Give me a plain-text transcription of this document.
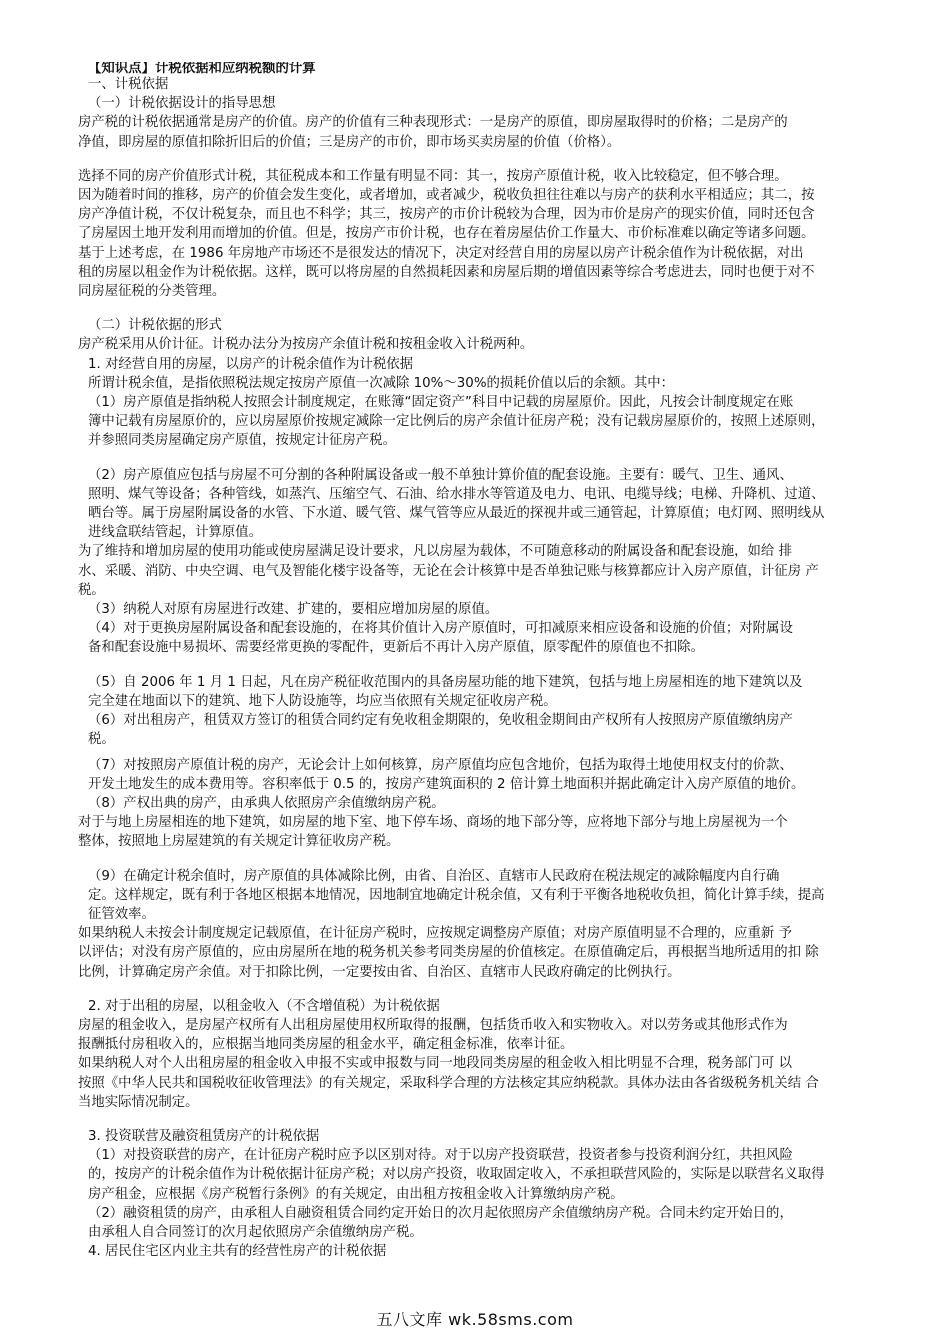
【知识点】计税依据和应纳税额的计算
一、计税依据
（一）计税依据设计的指导思想
房产税的计税依据通常是房产的价值。房产的价值有三种表现形式：一是房产的原值，即房屋取得时的价格；二是房产的
净值，即房屋的原值扣除折旧后的价值；三是房产的市价，即市场买卖房屋的价值（价格）。
选择不同的房产价值形式计税，其征税成本和工作量有明显不同：其一，按房产原值计税，收入比较稳定，但不够合理。
因为随着时间的推移，房产的价值会发生变化，或者增加，或者减少，税收负担往往难以与房产的获利水平相适应；其二，按
房产净值计税，不仅计税复杂，而且也不科学；其三，按房产的市价计税较为合理，因为市价是房产的现实价值，同时还包含
了房屋因土地开发利用而增加的价值。但是，按房产市价计税，也存在着房屋估价工作量大、市价标准难以确定等诸多问题。
基于上述考虑，在 1986 年房地产市场还不是很发达的情况下，决定对经营自用的房屋以房产计税余值作为计税依据，对出
租的房屋以租金作为计税依据。这样，既可以将房屋的自然损耗因素和房屋后期的增值因素等综合考虑进去，同时也便于对不
同房屋征税的分类管理。
（二）计税依据的形式
房产税采用从价计征。计税办法分为按房产余值计税和按租金收入计税两种。
1. 对经营自用的房屋，以房产的计税余值作为计税依据
所谓计税余值，是指依照税法规定按房产原值一次减除 10%～30%的损耗价值以后的余额。其中：
（1）房产原值是指纳税人按照会计制度规定，在账簿“固定资产”科目中记载的房屋原价。因此，凡按会计制度规定在账
簿中记载有房屋原价的，应以房屋原价按规定减除一定比例后的房产余值计征房产税；没有记载房屋原价的，按照上述原则，
并参照同类房屋确定房产原值，按规定计征房产税。
（2）房产原值应包括与房屋不可分割的各种附属设备或一般不单独计算价值的配套设施。主要有：暖气、卫生、通风、
照明、煤气等设备；各种管线，如蒸汽、压缩空气、石油、给水排水等管道及电力、电讯、电缆导线；电梯、升降机、过道、
晒台等。属于房屋附属设备的水管、下水道、暖气管、煤气管等应从最近的探视井或三通管起，计算原值；电灯网、照明线从
进线盒联结管起，计算原值。
为了维持和增加房屋的使用功能或使房屋满足设计要求，凡以房屋为载体，不可随意移动的附属设备和配套设施，如给 排
水、采暖、消防、中央空调、电气及智能化楼宇设备等，无论在会计核算中是否单独记账与核算都应计入房产原值，计征房 产
税。
（3）纳税人对原有房屋进行改建、扩建的，要相应增加房屋的原值。
（4）对于更换房屋附属设备和配套设施的，在将其价值计入房产原值时，可扣减原来相应设备和设施的价值；对附属设
备和配套设施中易损坏、需要经常更换的零配件，更新后不再计入房产原值，原零配件的原值也不扣除。
（5）自 2006 年 1 月 1 日起，凡在房产税征收范围内的具备房屋功能的地下建筑，包括与地上房屋相连的地下建筑以及
完全建在地面以下的建筑、地下人防设施等，均应当依照有关规定征收房产税。
（6）对出租房产，租赁双方签订的租赁合同约定有免收租金期限的，免收租金期间由产权所有人按照房产原值缴纳房产
税。
（7）对按照房产原值计税的房产，无论会计上如何核算，房产原值均应包含地价，包括为取得土地使用权支付的价款、
开发土地发生的成本费用等。容积率低于 0.5 的，按房产建筑面积的 2 倍计算土地面积并据此确定计入房产原值的地价。
（8）产权出典的房产，由承典人依照房产余值缴纳房产税。
对于与地上房屋相连的地下建筑，如房屋的地下室、地下停车场、商场的地下部分等，应将地下部分与地上房屋视为一个
整体，按照地上房屋建筑的有关规定计算征收房产税。
（9）在确定计税余值时，房产原值的具体减除比例，由省、自治区、直辖市人民政府在税法规定的减除幅度内自行确
定。这样规定，既有利于各地区根据本地情况，因地制宜地确定计税余值，又有利于平衡各地税收负担，简化计算手续，提高
征管效率。
如果纳税人未按会计制度规定记载原值，在计征房产税时，应按规定调整房产原值；对房产原值明显不合理的，应重新 予
以评估；对没有房产原值的，应由房屋所在地的税务机关参考同类房屋的价值核定。在原值确定后，再根据当地所适用的扣 除
比例，计算确定房产余值。对于扣除比例，一定要按由省、自治区、直辖市人民政府确定的比例执行。
2. 对于出租的房屋，以租金收入（不含增值税）为计税依据
房屋的租金收入，是房屋产权所有人出租房屋使用权所取得的报酬，包括货币收入和实物收入。对以劳务或其他形式作为
报酬抵付房租收入的，应根据当地同类房屋的租金水平，确定租金标准，依率计征。
如果纳税人对个人出租房屋的租金收入申报不实或申报数与同一地段同类房屋的租金收入相比明显不合理，税务部门可 以
按照《中华人民共和国税收征收管理法》的有关规定，采取科学合理的方法核定其应纳税款。具体办法由各省级税务机关结 合
当地实际情况制定。
3. 投资联营及融资租赁房产的计税依据
（1）对投资联营的房产，在计征房产税时应予以区别对待。对于以房产投资联营，投资者参与投资利润分红，共担风险
的，按房产的计税余值作为计税依据计征房产税；对以房产投资，收取固定收入，不承担联营风险的，实际是以联营名义取得
房产租金，应根据《房产税暂行条例》的有关规定，由出租方按租金收入计算缴纳房产税。
（2）融资租赁的房产，由承租人自融资租赁合同约定开始日的次月起依照房产余值缴纳房产税。合同未约定开始日的，
由承租人自合同签订的次月起依照房产余值缴纳房产税。
4. 居民住宅区内业主共有的经营性房产的计税依据
五八文库 wk.58sms.com
